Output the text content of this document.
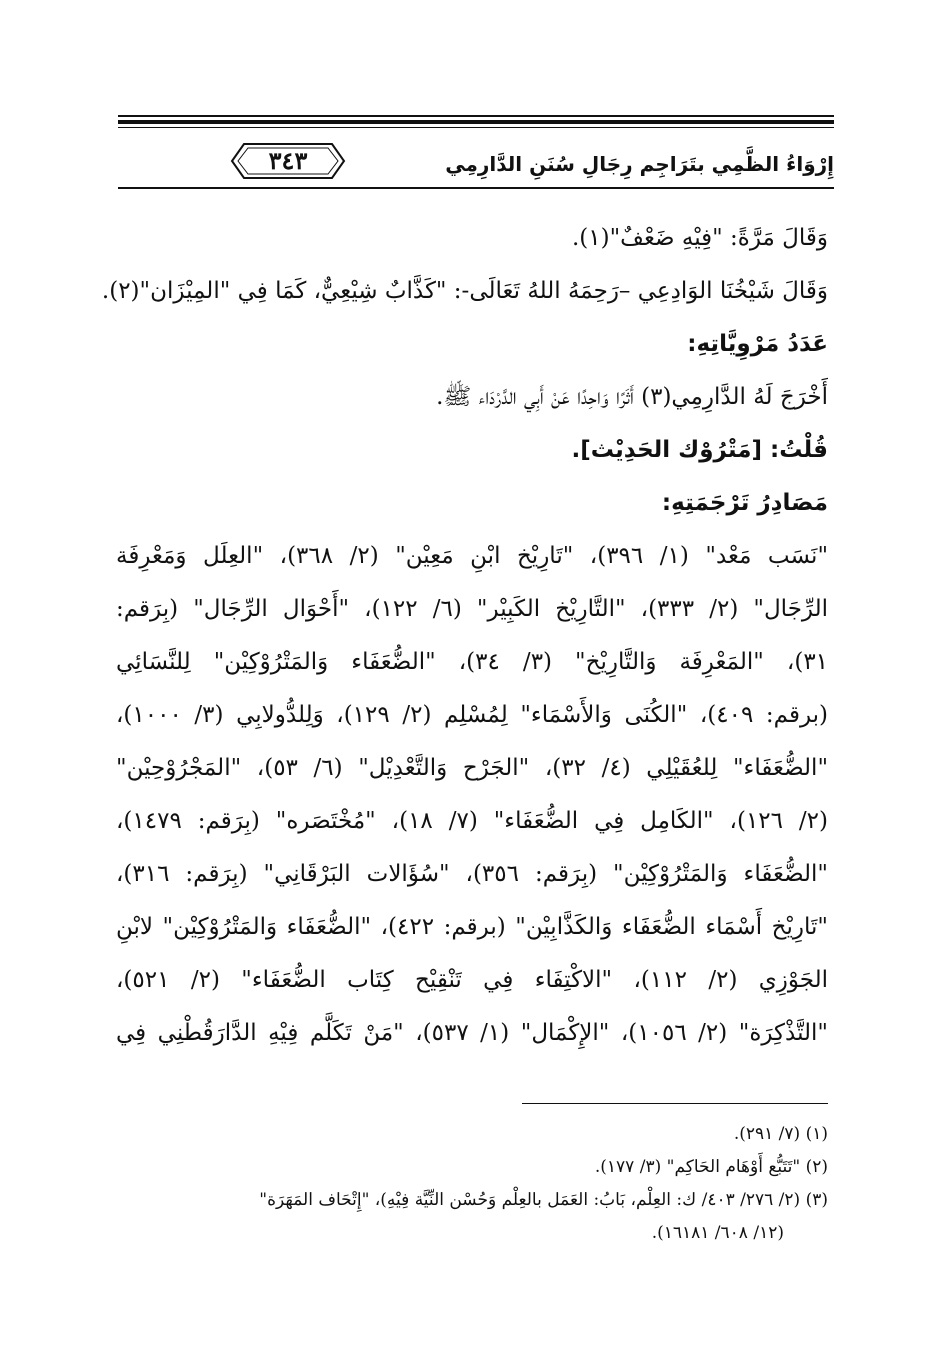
٣٤٣	إِرْوَاءُ الظَّمِي بتَرَاجِم رِجَالِ سُنَنِ الدَّارِمِي
وَقَالَ مَرَّةً: "فِيْهِ ضَعْفٌ"(١).
وَقَالَ شَيْخُنَا الوَادِعِي –رَحِمَهُ اللهُ تَعَالَى-: "كَذَّابٌ شِيْعِيٌّ، كَمَا فِي "المِيْزَان"(٢).
عَدَدُ مَرْوِيَّاتِهِ:
أَخْرَجَ لَهُ الدَّارِمِي(٣) أَثَرًا وَاحِدًا عَنْ أَبِي الدَّرْدَاء ﷺ.
قُلْتُ: [مَتْرُوْك الحَدِيْث].
مَصَادِرُ تَرْجَمَتِهِ:
"نَسَب مَعْد" (١/ ٣٩٦)، "تَارِيْخ ابْنِ مَعِيْن" (٢/ ٣٦٨)، "العِلَل وَمَعْرِفَة
الرِّجَال" (٢/ ٣٣٣)، "التَّارِيْخ الكَبِيْر" (٦/ ١٢٢)، "أَحْوَال الرِّجَال" (بِرَقم:
٣١)، "المَعْرِفَة وَالتَّارِيْخ" (٣/ ٣٤)، "الضُّعَفَاء وَالمَتْرُوْكِيْن" لِلنَّسَائِي
(برقم: ٤٠٩)، "الكُنَى وَالأَسْمَاء" لِمُسْلِم (٢/ ١٢٩)، وَلِلدُّولابِي (٣/ ١٠٠٠)،
"الضُّعَفَاء" لِلعُقَيْلِي (٤/ ٣٢)، "الجَرْح وَالتَّعْدِيْل" (٦/ ٥٣)، "المَجْرُوْحِيْن"
(٢/ ١٢٦)، "الكَامِل فِي الضُّعَفَاء" (٧/ ١٨)، "مُخْتَصَره" (بِرَقم: ١٤٧٩)،
"الضُّعَفَاء وَالمَتْرُوْكِيْن" (بِرَقم: ٣٥٦)، "سُؤَالات البَرْقَانِي" (بِرَقم: ٣١٦)،
"تَارِيْخ أَسْمَاء الضُّعَفَاء وَالكَذَّابِيْن" (برقم: ٤٢٢)، "الضُّعَفَاء وَالمَتْرُوْكِيْن" لابْنِ
الجَوْزِي (٢/ ١١٢)، "الاكْتِفَاء فِي تَنْقِيْح كِتَاب الضُّعَفَاء" (٢/ ٥٢١)،
"التَّذْكِرَة" (٢/ ١٠٥٦)، "الإِكْمَال" (١/ ٥٣٧)، "مَنْ تَكَلَّم فِيْهِ الدَّارَقُطْنِي فِي
(١) (٧/ ٢٩١).
(٢) "تَتَبُّع أَوْهَام الحَاكِم" (٣/ ١٧٧).
(٣) (٢/ ٢٧٦/ ٤٠٣/ ك: العِلْم، بَابُ: العَمَل بالعِلْم وَحُسْن النِّيَّة فِيْهِ)، "إِتْحَاف المَهَرَة"
(١٢/ ٦٠٨/ ١٦١٨١).
